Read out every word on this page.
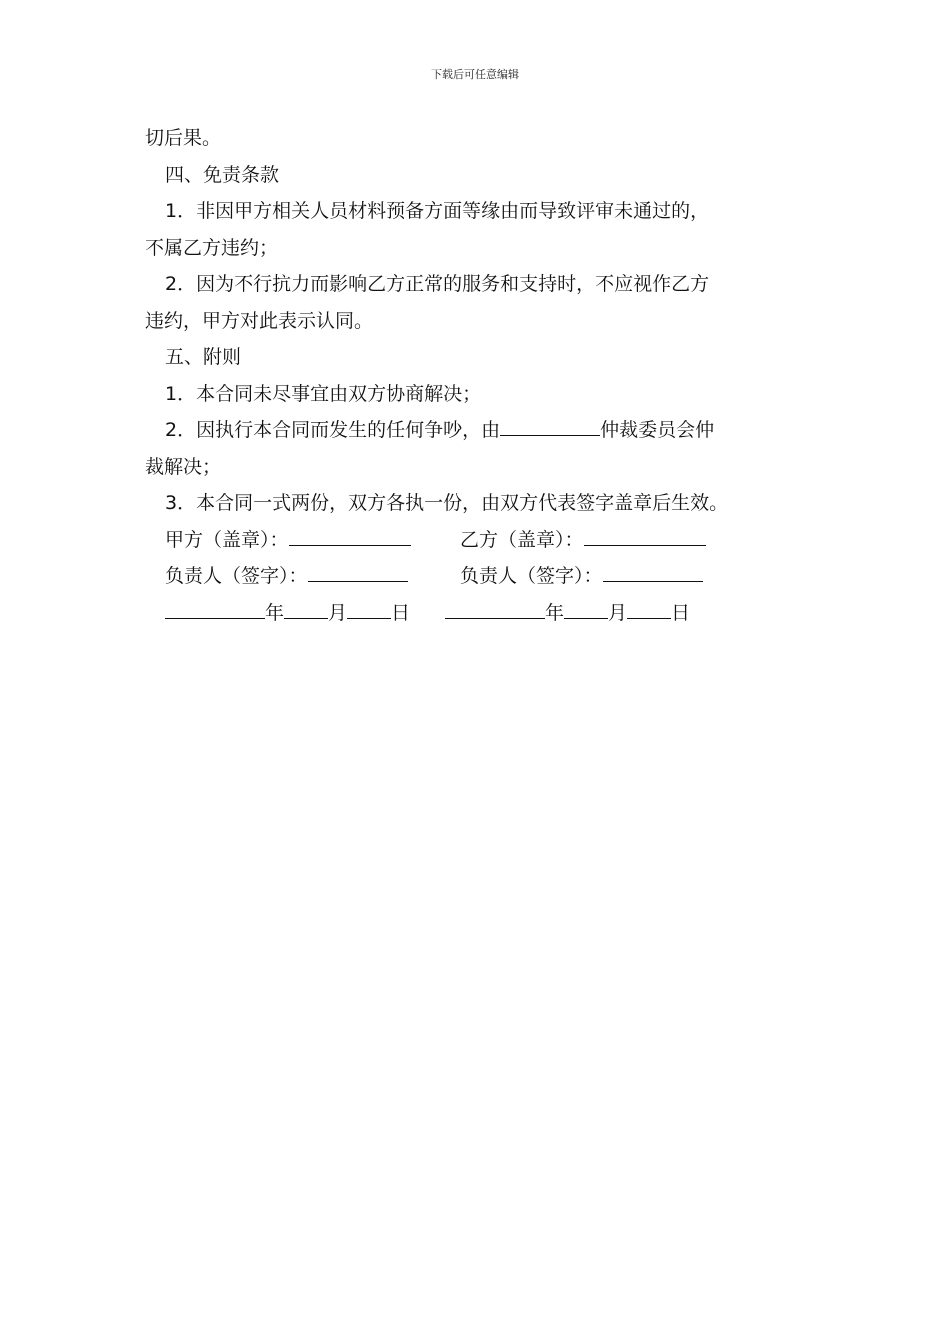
下载后可任意编辑
切后果。
四、免责条款
1．非因甲方相关人员材料预备方面等缘由而导致评审未通过的，
不属乙方违约；
2．因为不行抗力而影响乙方正常的服务和支持时，不应视作乙方
违约，甲方对此表示认同。
五、附则
1．本合同未尽事宜由双方协商解决；
2．因执行本合同而发生的任何争吵，由	仲裁委员会仲
裁解决；
3．本合同一式两份，双方各执一份，由双方代表签字盖章后生效。
甲方（盖章）：	乙方（盖章）：
负责人（签字）：	负责人（签字）：
年 月 日	年 月 日
